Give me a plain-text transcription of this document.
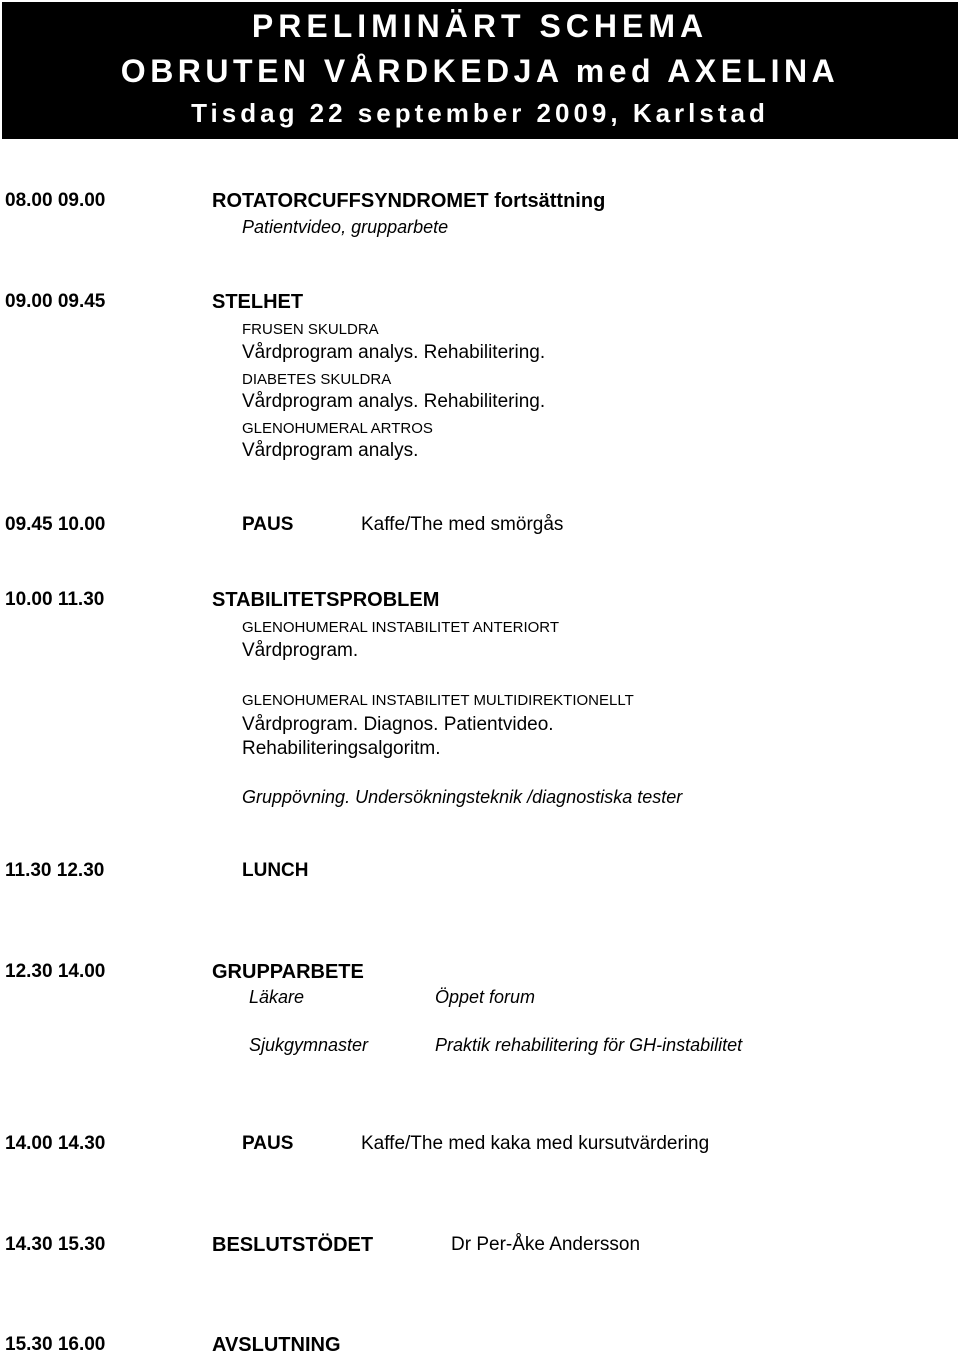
PRELIMINÄRT SCHEMA
OBRUTEN VÅRDKEDJA med AXELINA
Tisdag 22 september 2009, Karlstad
08.00 09.00	ROTATORCUFFSYNDROMET fortsättning
Patientvideo, grupparbete
09.00 09.45	STELHET
FRUSEN SKULDRA
Vårdprogram analys. Rehabilitering.
DIABETES SKULDRA
Vårdprogram analys. Rehabilitering.
GLENOHUMERAL ARTROS
Vårdprogram analys.
09.45 10.00	PAUS	Kaffe/The med smörgås
10.00 11.30	STABILITETSPROBLEM
GLENOHUMERAL INSTABILITET ANTERIORT
Vårdprogram.
GLENOHUMERAL INSTABILITET MULTIDIREKTIONELLT
Vårdprogram. Diagnos. Patientvideo.
Rehabiliteringsalgoritm.
Gruppövning. Undersökningsteknik /diagnostiska tester
11.30 12.30	LUNCH
12.30 14.00	GRUPPARBETE
Läkare	Öppet forum
Sjukgymnaster	Praktik rehabilitering för GH-instabilitet
14.00 14.30	PAUS	Kaffe/The med kaka med kursutvärdering
14.30 15.30	BESLUTSTÖDET	Dr Per-Åke Andersson
15.30 16.00	AVSLUTNING
